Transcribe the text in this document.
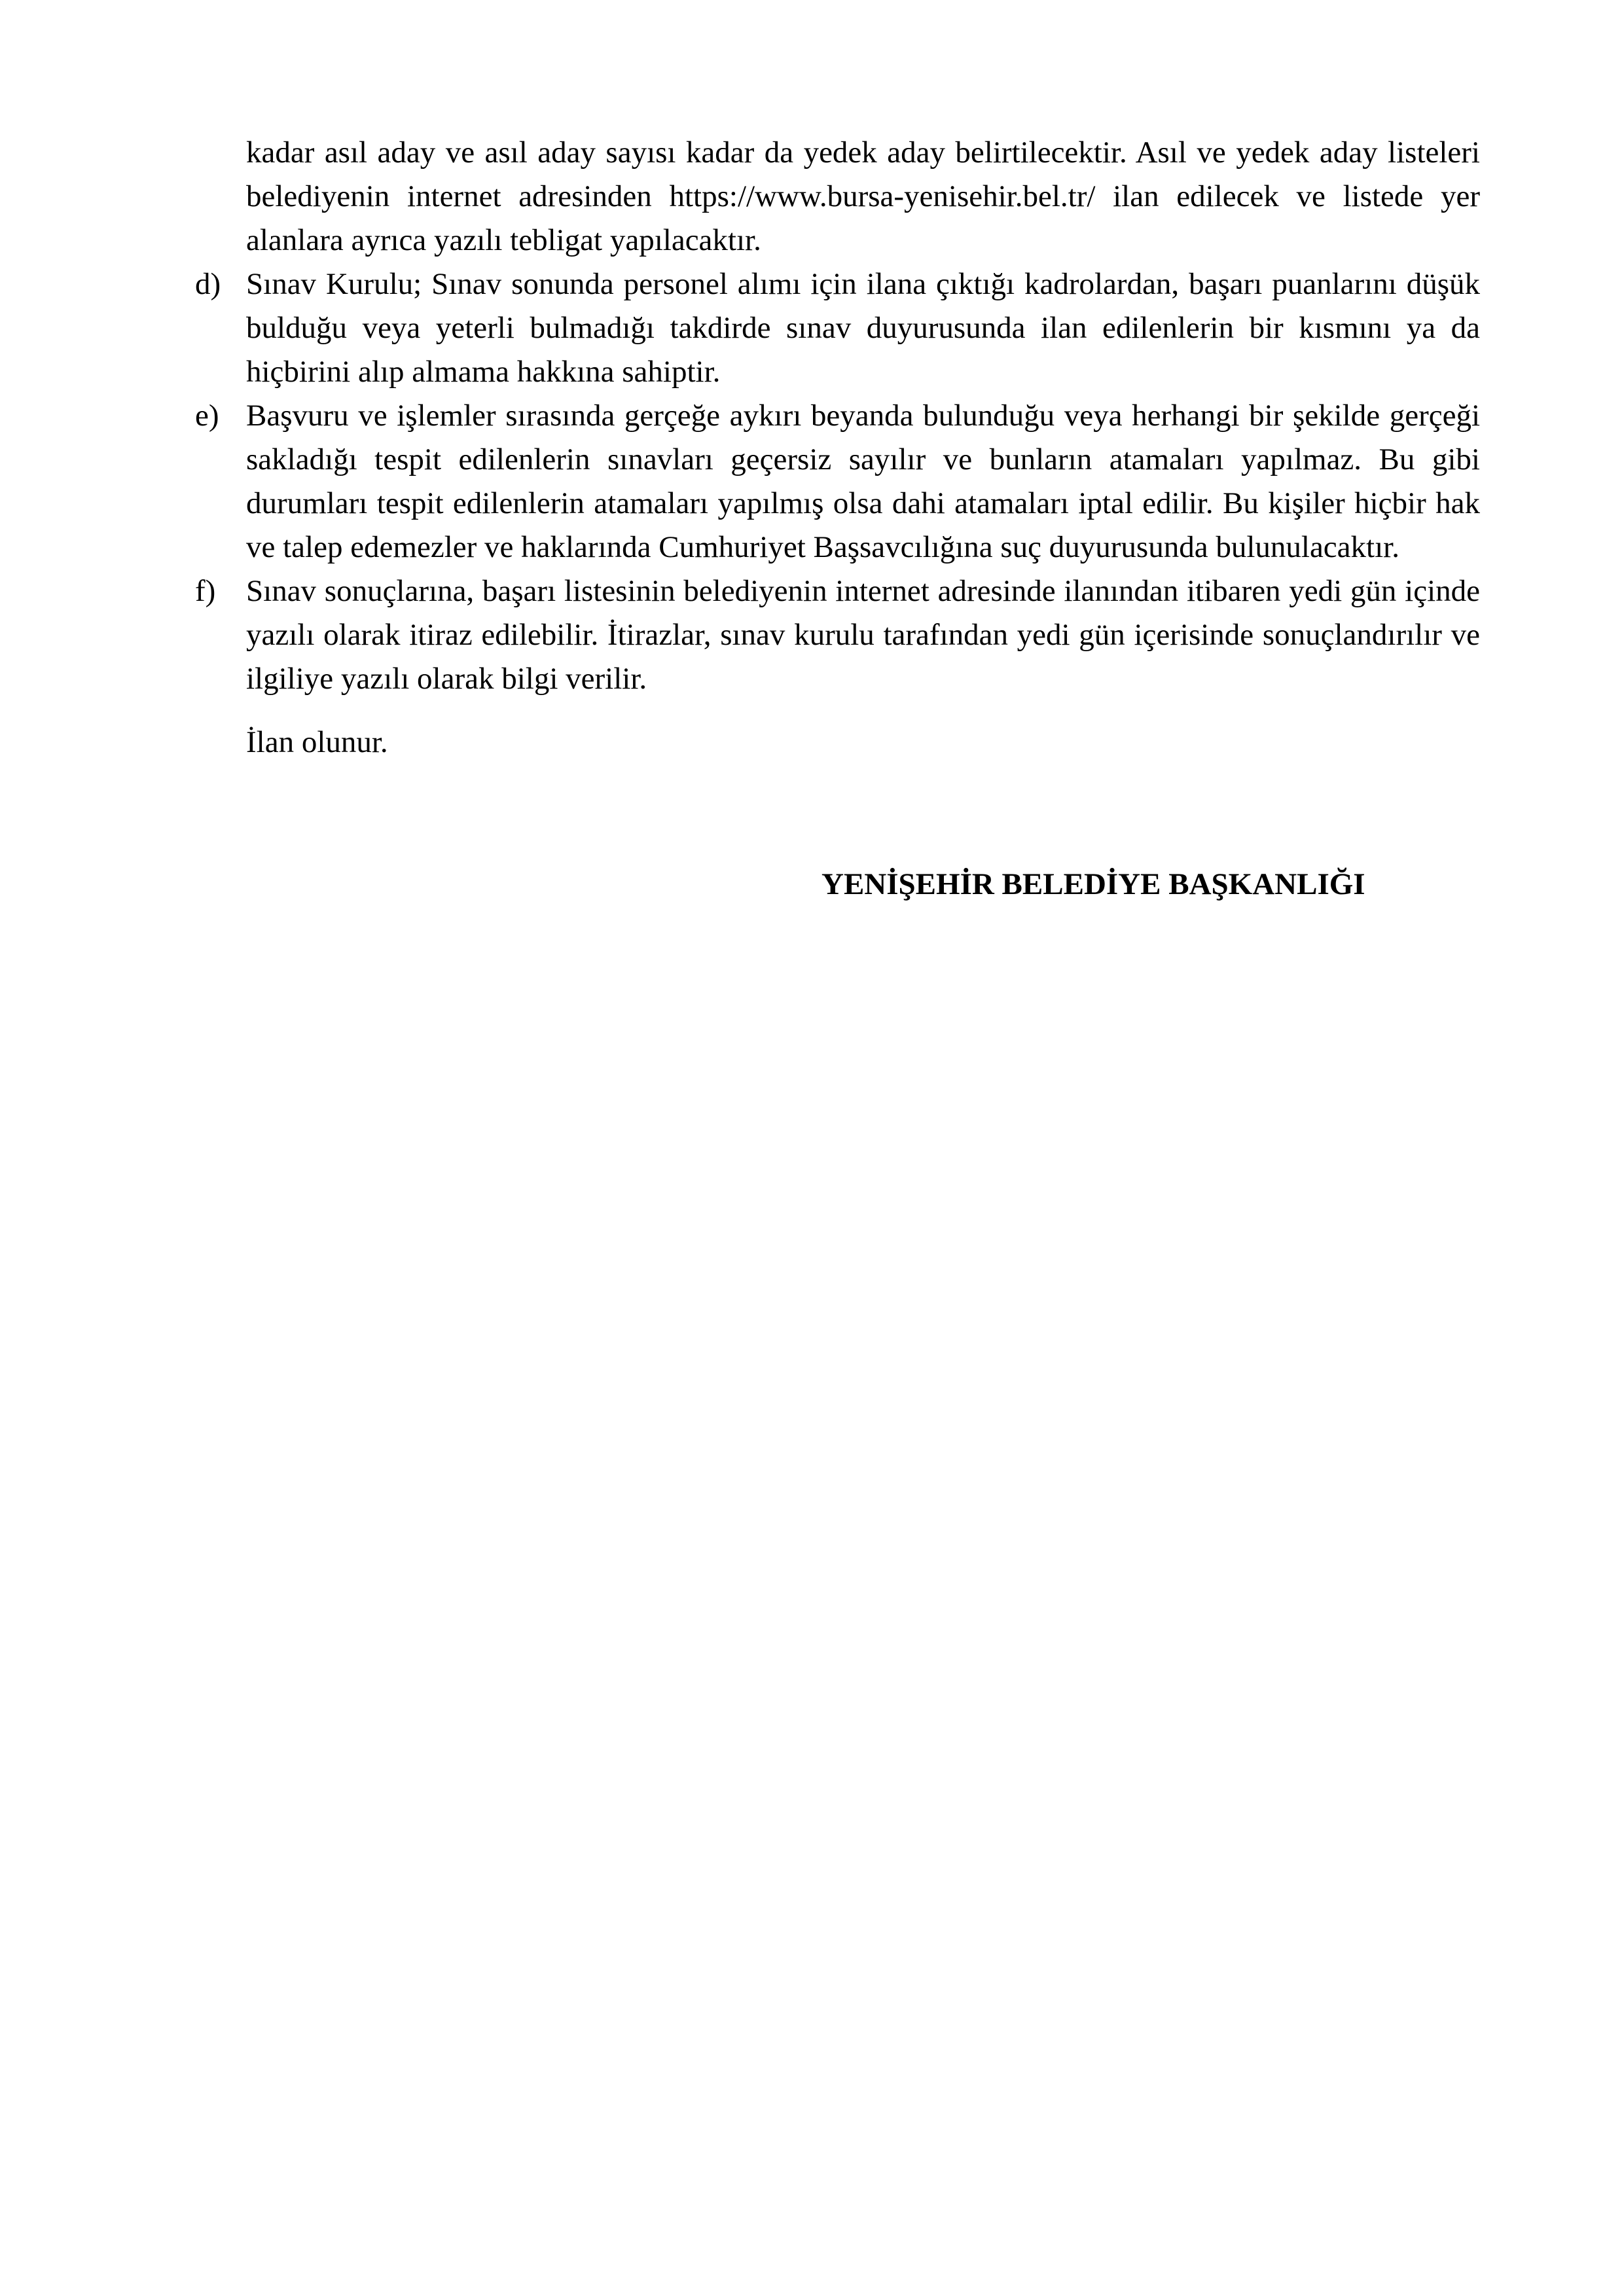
kadar asıl aday ve asıl aday sayısı kadar da yedek aday belirtilecektir. Asıl ve yedek aday listeleri belediyenin internet adresinden https://www.bursa-yenisehir.bel.tr/ ilan edilecek ve listede yer alanlara ayrıca yazılı tebligat yapılacaktır.

d) Sınav Kurulu; Sınav sonunda personel alımı için ilana çıktığı kadrolardan, başarı puanlarını düşük bulduğu veya yeterli bulmadığı takdirde sınav duyurusunda ilan edilenlerin bir kısmını ya da hiçbirini alıp almama hakkına sahiptir.

e) Başvuru ve işlemler sırasında gerçeğe aykırı beyanda bulunduğu veya herhangi bir şekilde gerçeği sakladığı tespit edilenlerin sınavları geçersiz sayılır ve bunların atamaları yapılmaz. Bu gibi durumları tespit edilenlerin atamaları yapılmış olsa dahi atamaları iptal edilir. Bu kişiler hiçbir hak ve talep edemezler ve haklarında Cumhuriyet Başsavcılığına suç duyurusunda bulunulacaktır.

f) Sınav sonuçlarına, başarı listesinin belediyenin internet adresinde ilanından itibaren yedi gün içinde yazılı olarak itiraz edilebilir. İtirazlar, sınav kurulu tarafından yedi gün içerisinde sonuçlandırılır ve ilgiliye yazılı olarak bilgi verilir.

İlan olunur.
YENİŞEHİR BELEDİYE BAŞKANLIĞI
